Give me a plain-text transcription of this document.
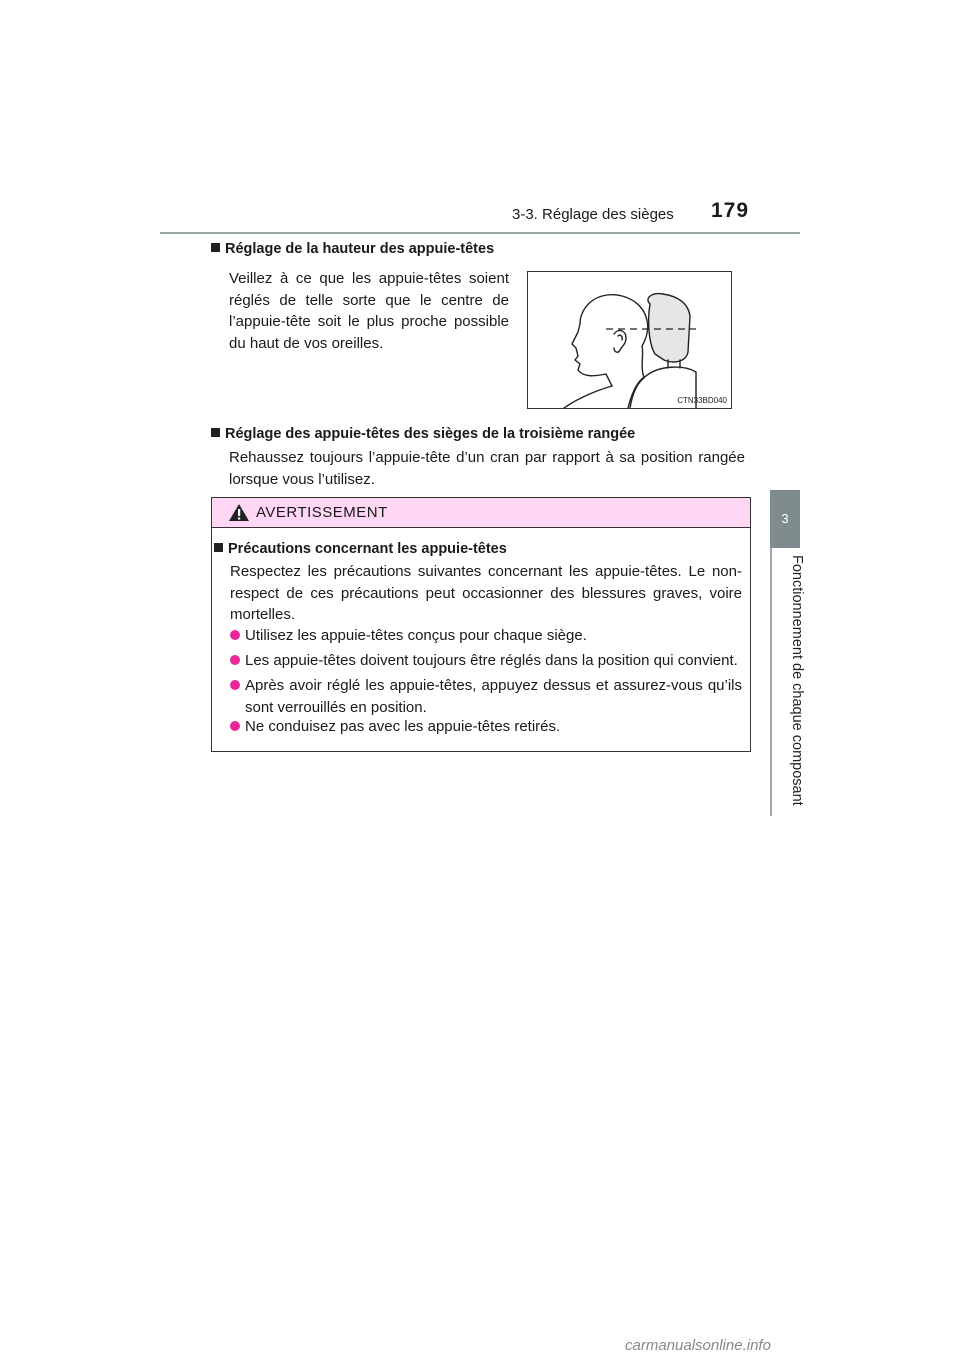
3-3. Réglage des sièges 179
3
Fonctionnement de chaque composant
Réglage de la hauteur des appuie-têtes
Veillez à ce que les appuie-têtes soient réglés de telle sorte que le centre de l’appuie-tête soit le plus proche possible du haut de vos oreilles.
CTN33BD040
Réglage des appuie-têtes des sièges de la troisième rangée
Rehaussez toujours l’appuie-tête d’un cran par rapport à sa position rangée lorsque vous l’utilisez.
AVERTISSEMENT
Précautions concernant les appuie-têtes
Respectez les précautions suivantes concernant les appuie-têtes. Le non-respect de ces précautions peut occasionner des blessures graves, voire mortelles.
Utilisez les appuie-têtes conçus pour chaque siège.
Les appuie-têtes doivent toujours être réglés dans la position qui convient.
Après avoir réglé les appuie-têtes, appuyez dessus et assurez-vous qu’ils sont verrouillés en position.
Ne conduisez pas avec les appuie-têtes retirés.
carmanualsonline.info
